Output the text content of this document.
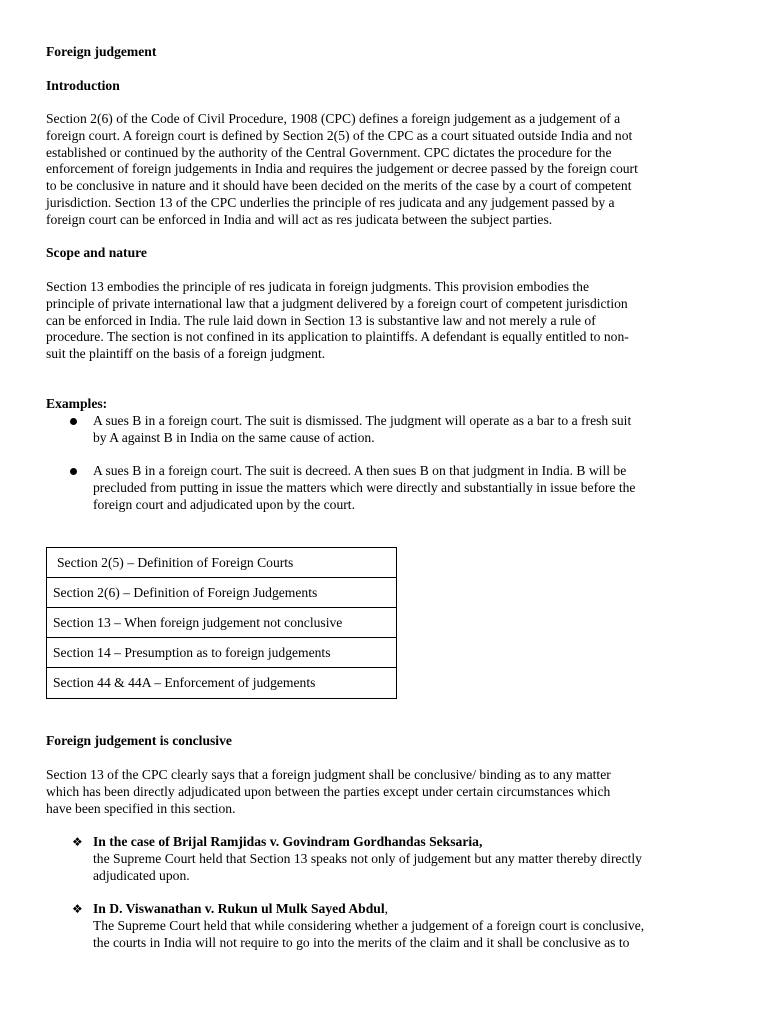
Foreign judgement
Introduction
Section 2(6) of the Code of Civil Procedure, 1908 (CPC) defines a foreign judgement as a judgement of a
foreign court. A foreign court is defined by Section 2(5) of the CPC as a court situated outside India and not
established or continued by the authority of the Central Government. CPC dictates the procedure for the
enforcement of foreign judgements in India and requires the judgement or decree passed by the foreign court
to be conclusive in nature and it should have been decided on the merits of the case by a court of competent
jurisdiction. Section 13 of the CPC underlies the principle of res judicata and any judgement passed by a
foreign court can be enforced in India and will act as res judicata between the subject parties.
Scope and nature
Section 13 embodies the principle of res judicata in foreign judgments. This provision embodies the
principle of private international law that a judgment delivered by a foreign court of competent jurisdiction
can be enforced in India. The rule laid down in Section 13 is substantive law and not merely a rule of
procedure. The section is not confined in its application to plaintiffs. A defendant is equally entitled to non-
suit the plaintiff on the basis of a foreign judgment.
Examples:
A sues B in a foreign court. The suit is dismissed. The judgment will operate as a bar to a fresh suit
by A against B in India on the same cause of action.
A sues B in a foreign court. The suit is decreed. A then sues B on that judgment in India. B will be
precluded from putting in issue the matters which were directly and substantially in issue before the
foreign court and adjudicated upon by the court.
Section 2(5) – Definition of Foreign Courts
Section 2(6) – Definition of Foreign Judgements
Section 13 – When foreign judgement not conclusive
Section 14 – Presumption as to foreign judgements
Section 44 & 44A – Enforcement of judgements
Foreign judgement is conclusive
Section 13 of the CPC clearly says that a foreign judgment shall be conclusive/ binding as to any matter
which has been directly adjudicated upon between the parties except under certain circumstances which
have been specified in this section.
❖ In the case of Brijal Ramjidas v. Govindram Gordhandas Seksaria,
the Supreme Court held that Section 13 speaks not only of judgement but any matter thereby directly
adjudicated upon.
❖ In D. Viswanathan v. Rukun ul Mulk Sayed Abdul,
The Supreme Court held that while considering whether a judgement of a foreign court is conclusive,
the courts in India will not require to go into the merits of the claim and it shall be conclusive as to
